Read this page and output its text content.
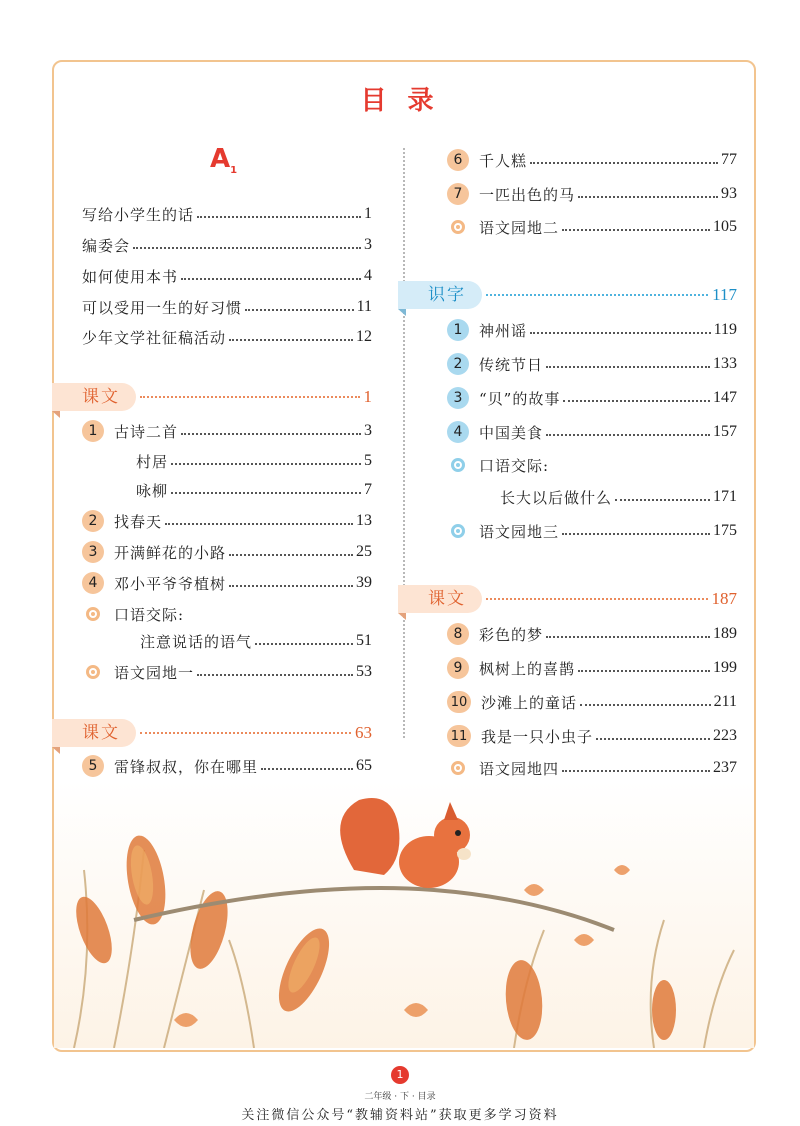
目 录
$A_1$
写给小学生的话	1
编委会	3
如何使用本书	4
可以受用一生的好习惯	11
少年文学社征稿活动	12
课文	1
1	古诗二首	3
村居	5
咏柳	7
2	找春天	13
3	开满鲜花的小路	25
4	邓小平爷爷植树	39
口语交际:
注意说话的语气	51
语文园地一	53
课文	63
5	雷锋叔叔，你在哪里	65
6	千人糕	77
7	一匹出色的马	93
语文园地二	105
识字	117
1	神州谣	119
2	传统节日	133
3	“贝”的故事	147
4	中国美食	157
口语交际:
长大以后做什么	171
语文园地三	175
课文	187
8	彩色的梦	189
9	枫树上的喜鹊	199
10 沙滩上的童话	211
11 我是一只小虫子	223
语文园地四	237
1
二年级 · 下 · 目录
关注微信公众号“教辅资料站”获取更多学习资料
